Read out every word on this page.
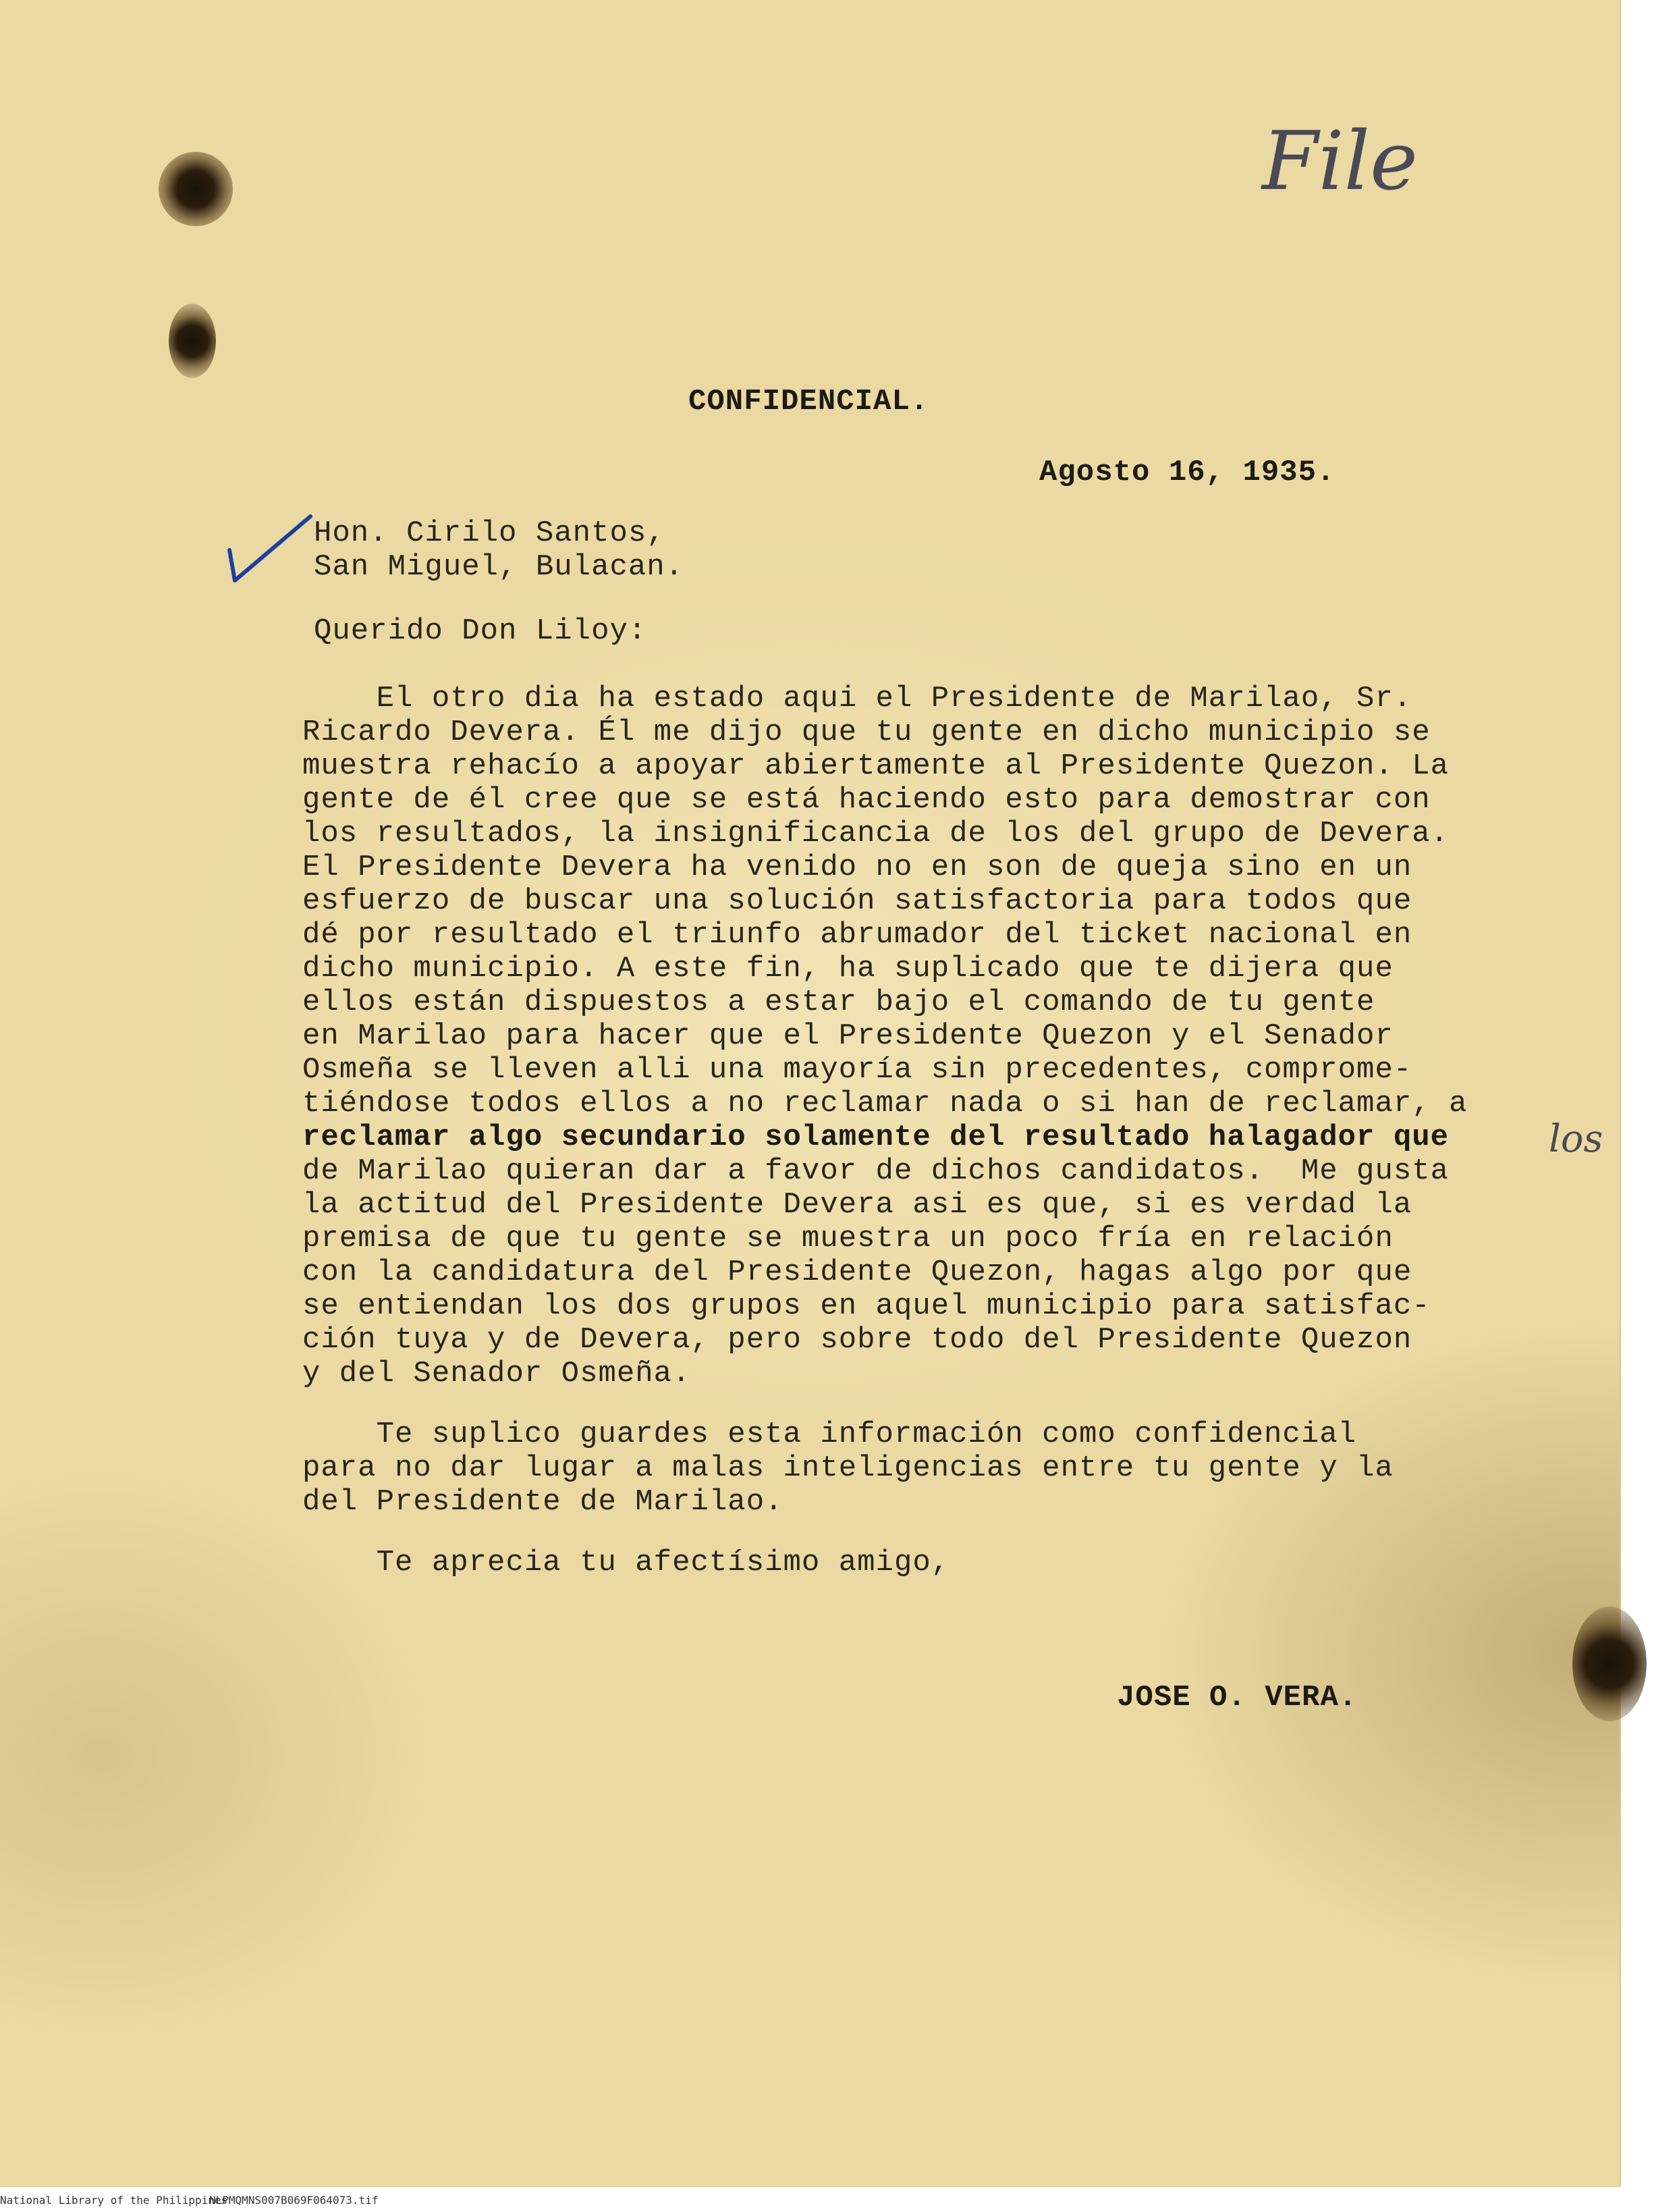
File
CONFIDENCIAL.
Agosto 16, 1935.
Hon. Cirilo Santos,
San Miguel, Bulacan.
Querido Don Liloy:
El otro dia ha estado aqui el Presidente de Marilao, Sr.
Ricardo Devera. Él me dijo que tu gente en dicho municipio se
muestra rehacío a apoyar abiertamente al Presidente Quezon. La
gente de él cree que se está haciendo esto para demostrar con
los resultados, la insignificancia de los del grupo de Devera.
El Presidente Devera ha venido no en son de queja sino en un
esfuerzo de buscar una solución satisfactoria para todos que
dé por resultado el triunfo abrumador del ticket nacional en
dicho municipio. A este fin, ha suplicado que te dijera que
ellos están dispuestos a estar bajo el comando de tu gente
en Marilao para hacer que el Presidente Quezon y el Senador
Osmeña se lleven alli una mayoría sin precedentes, comprome-
tiéndose todos ellos a no reclamar nada o si han de reclamar, a
reclamar algo secundario solamente del resultado halagador que
de Marilao quieran dar a favor de dichos candidatos.  Me gusta
la actitud del Presidente Devera asi es que, si es verdad la
premisa de que tu gente se muestra un poco fría en relación
con la candidatura del Presidente Quezon, hagas algo por que
se entiendan los dos grupos en aquel municipio para satisfac-
ción tuya y de Devera, pero sobre todo del Presidente Quezon
y del Senador Osmeña.
los
Te suplico guardes esta información como confidencial
para no dar lugar a malas inteligencias entre tu gente y la
del Presidente de Marilao.
Te aprecia tu afectísimo amigo,
JOSE O. VERA.
National Library of the Philippines
NLPMQMNS007B069F064073.tif
